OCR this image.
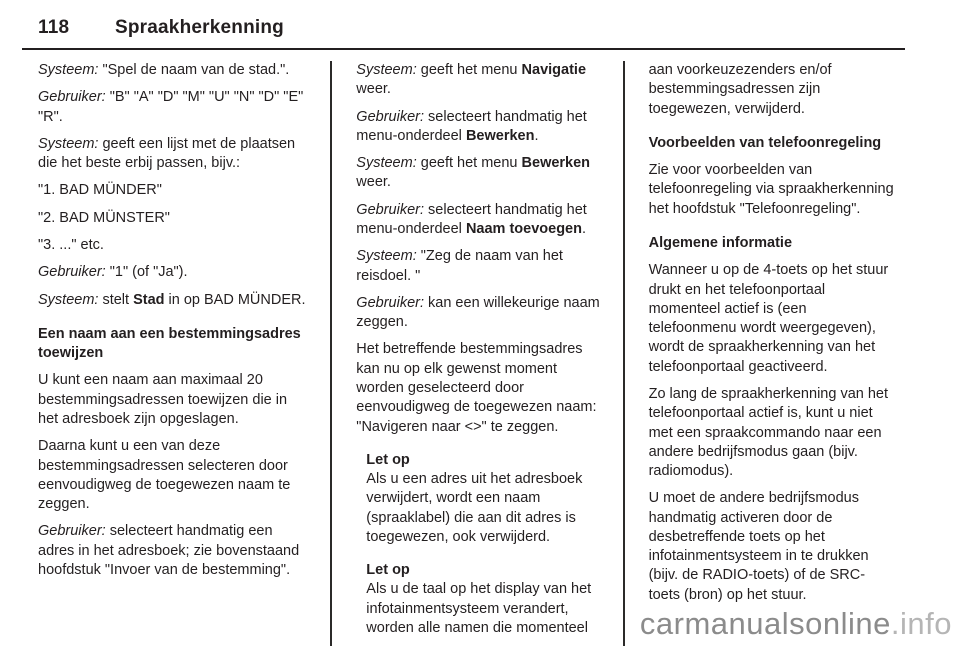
118 Spraakherkenning
Systeem: "Spel de naam van de stad.".
Gebruiker: "B" "A" "D" "M" "U" "N" "D" "E" "R".
Systeem: geeft een lijst met de plaatsen die het beste erbij passen, bijv.:
"1. BAD MÜNDER"
"2. BAD MÜNSTER"
"3. ..." etc.
Gebruiker: "1" (of "Ja").
Systeem: stelt Stad in op BAD MÜNDER.
Een naam aan een bestemmingsadres toewijzen
U kunt een naam aan maximaal 20 bestemmingsadressen toewijzen die in het adresboek zijn opgeslagen.
Daarna kunt u een van deze bestemmingsadressen selecteren door eenvoudigweg de toegewezen naam te zeggen.
Gebruiker: selecteert handmatig een adres in het adresboek; zie bovenstaand hoofdstuk "Invoer van de bestemming".
Systeem: geeft het menu Navigatie weer.
Gebruiker: selecteert handmatig het menu-onderdeel Bewerken.
Systeem: geeft het menu Bewerken weer.
Gebruiker: selecteert handmatig het menu-onderdeel Naam toevoegen.
Systeem: "Zeg de naam van het reisdoel. "
Gebruiker: kan een willekeurige naam zeggen.
Het betreffende bestemmingsadres kan nu op elk gewenst moment worden geselecteerd door eenvoudigweg de toegewezen naam: "Navigeren naar <>" te zeggen.
Let op
Als u een adres uit het adresboek verwijdert, wordt een naam (spraaklabel) die aan dit adres is toegewezen, ook verwijderd.
Let op
Als u de taal op het display van het infotainmentsysteem verandert, worden alle namen die momenteel
aan voorkeuzezenders en/of bestemmingsadressen zijn toegewezen, verwijderd.
Voorbeelden van telefoonregeling
Zie voor voorbeelden van telefoonregeling via spraakherkenning het hoofdstuk "Telefoonregeling".
Algemene informatie
Wanneer u op de 4-toets op het stuur drukt en het telefoonportaal momenteel actief is (een telefoonmenu wordt weergegeven), wordt de spraakherkenning van het telefoonportaal geactiveerd.
Zo lang de spraakherkenning van het telefoonportaal actief is, kunt u niet met een spraakcommando naar een andere bedrijfsmodus gaan (bijv. radiomodus).
U moet de andere bedrijfsmodus handmatig activeren door de desbetreffende toets op het infotainmentsysteem in te drukken (bijv. de RADIO-toets) of de SRC-toets (bron) op het stuur.
carmanualsonline.info
